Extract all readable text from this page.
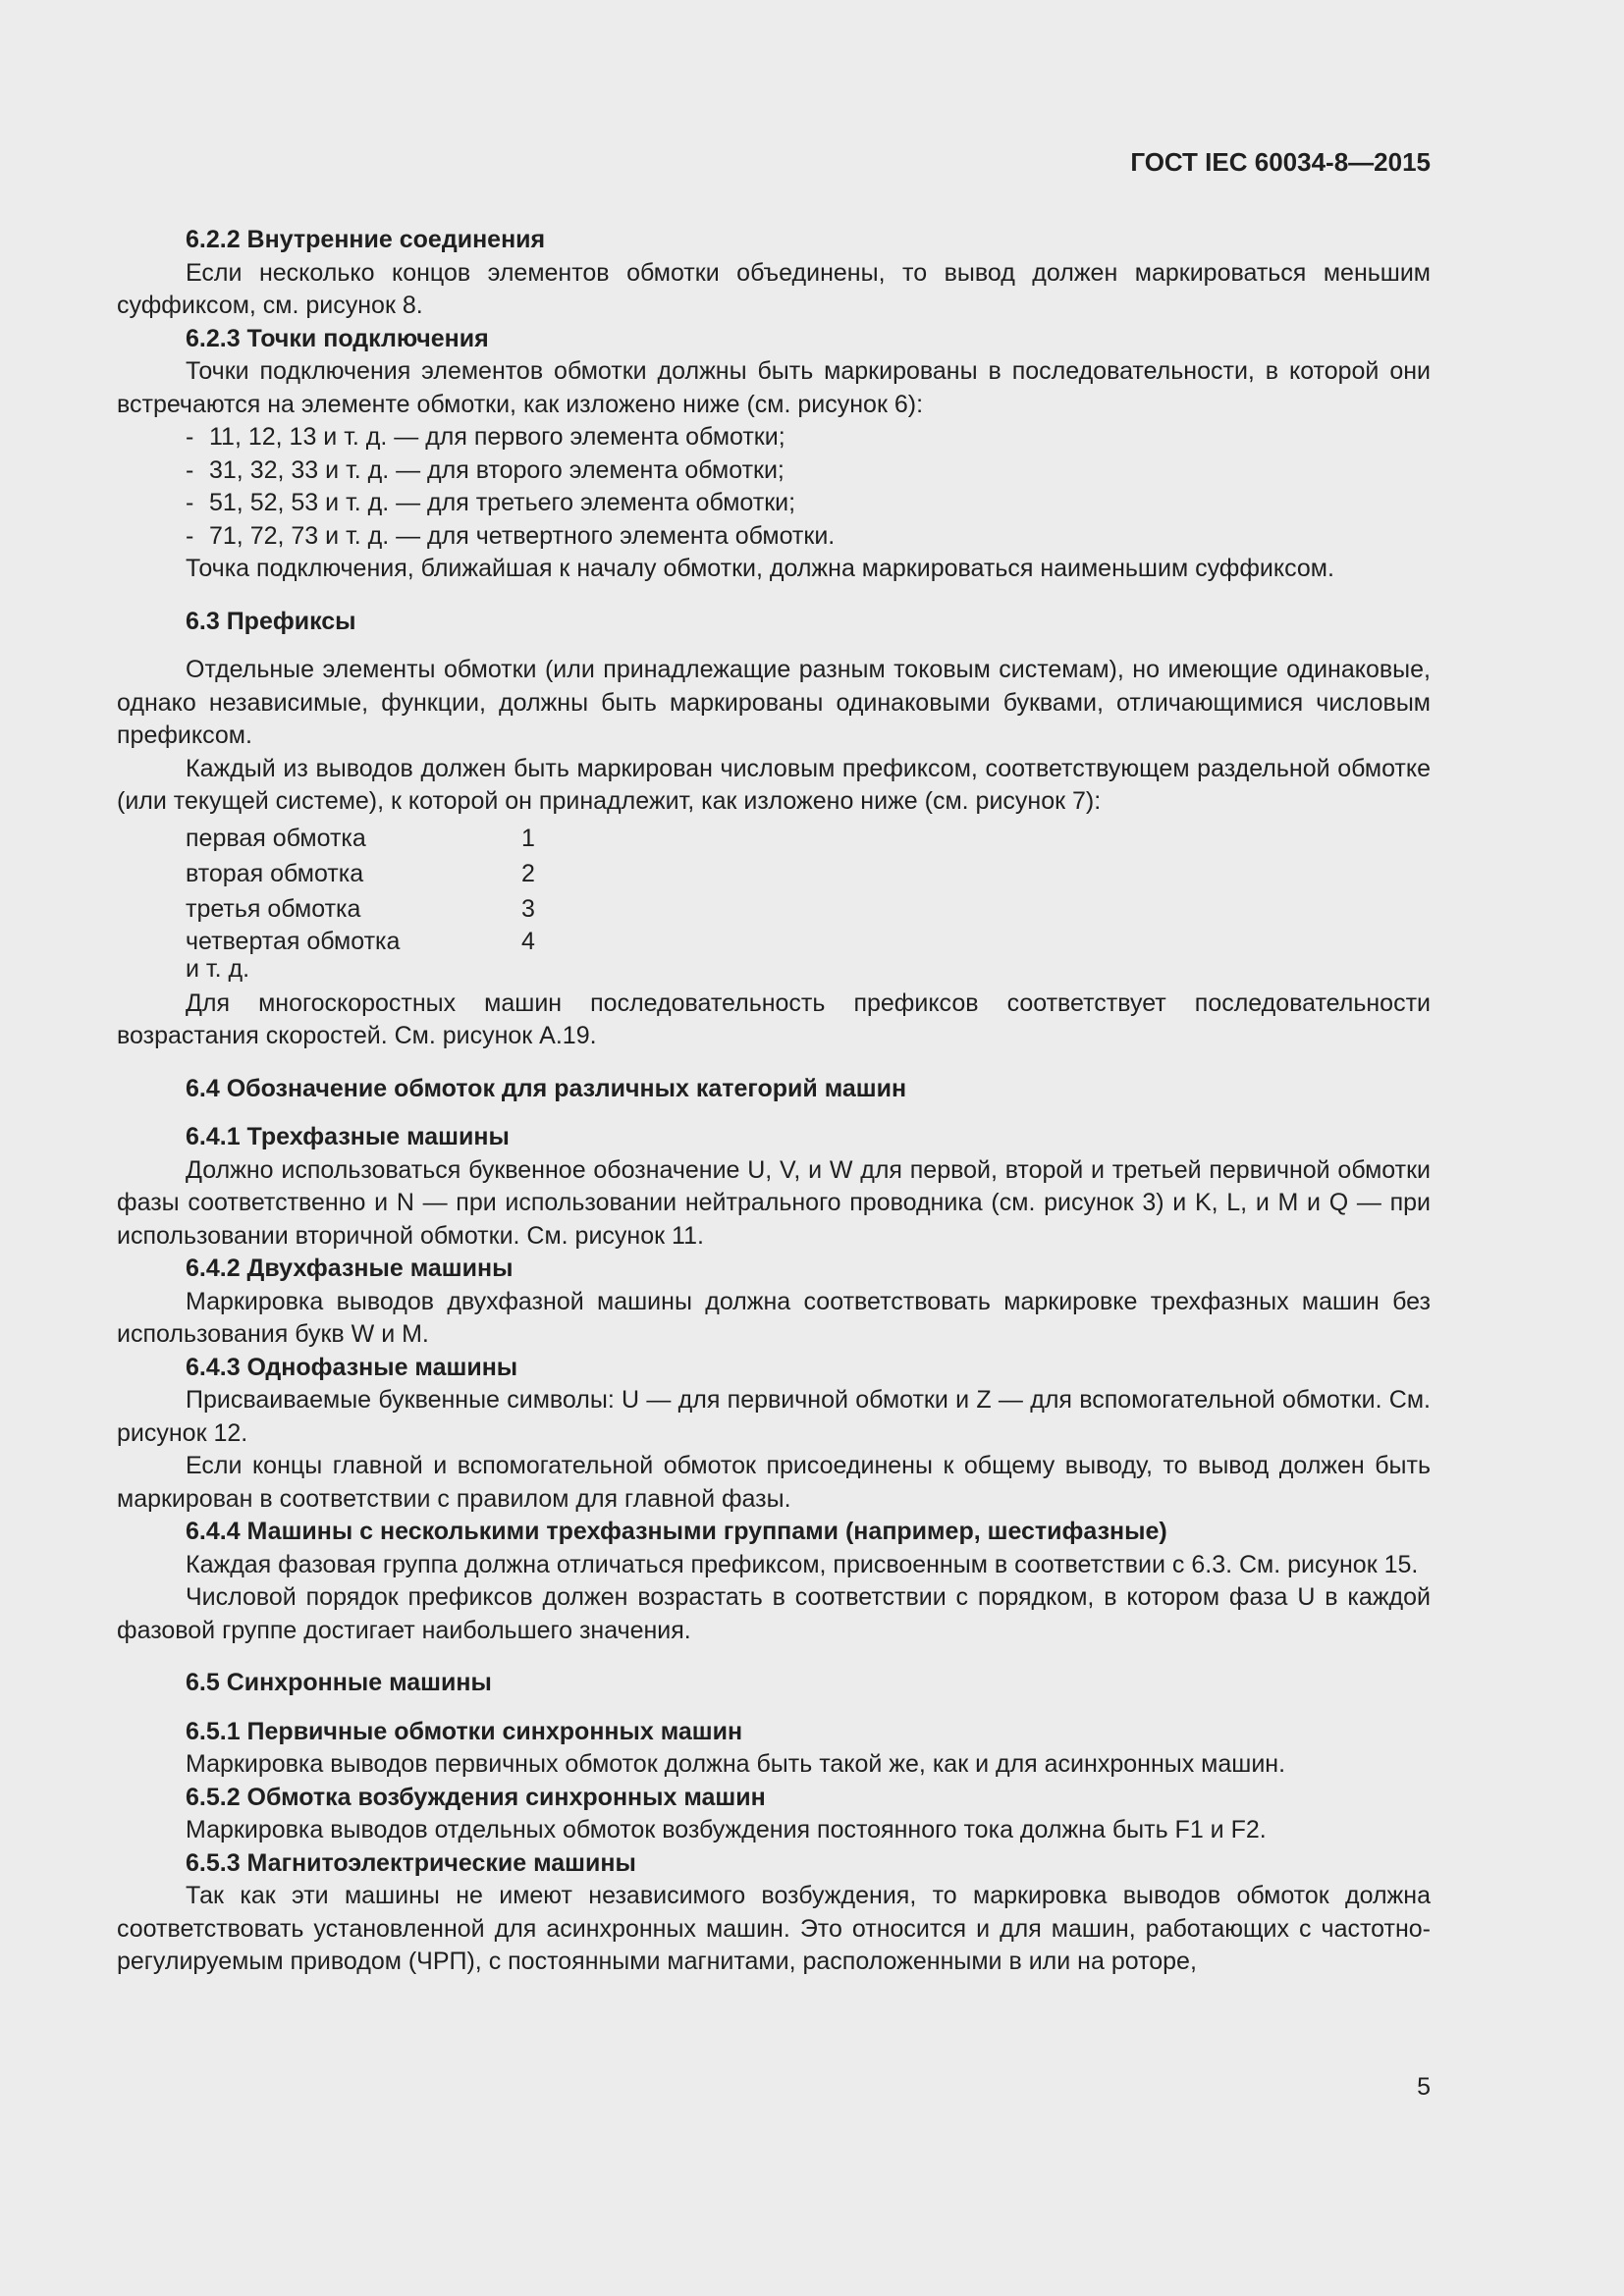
ГОСТ IEC 60034-8—2015

6.2.2 Внутренние соединения

Если несколько концов элементов обмотки объединены, то вывод должен маркироваться меньшим суффиксом, см. рисунок 8.

6.2.3 Точки подключения

Точки подключения элементов обмотки должны быть маркированы в последовательности, в которой они встречаются на элементе обмотки, как изложено ниже (см. рисунок 6):

- 11, 12, 13 и т. д. — для первого элемента обмотки;
- 31, 32, 33 и т. д. — для второго элемента обмотки;
- 51, 52, 53 и т. д. — для третьего элемента обмотки;
- 71, 72, 73 и т. д. — для четвертного элемента обмотки.

Точка подключения, ближайшая к началу обмотки, должна маркироваться наименьшим суффиксом.

6.3 Префиксы

Отдельные элементы обмотки (или принадлежащие разным токовым системам), но имеющие одинаковые, однако независимые, функции, должны быть маркированы одинаковыми буквами, отличающимися числовым префиксом.

Каждый из выводов должен быть маркирован числовым префиксом, соответствующем раздельной обмотке (или текущей системе), к которой он принадлежит, как изложено ниже (см. рисунок 7):

первая обмотка	1
вторая обмотка	2
третья обмотка	3
четвертая обмотка	4
и т. д.

Для многоскоростных машин последовательность префиксов соответствует последовательности возрастания скоростей. См. рисунок А.19.

6.4 Обозначение обмоток для различных категорий машин

6.4.1 Трехфазные машины

Должно использоваться буквенное обозначение U, V, и W для первой, второй и третьей первичной обмотки фазы соответственно и N — при использовании нейтрального проводника (см. рисунок 3) и K, L, и M и Q — при использовании вторичной обмотки. См. рисунок 11.

6.4.2 Двухфазные машины

Маркировка выводов двухфазной машины должна соответствовать маркировке трехфазных машин без использования букв W и M.

6.4.3 Однофазные машины

Присваиваемые буквенные символы: U — для первичной обмотки и Z — для вспомогательной обмотки. См. рисунок 12.

Если концы главной и вспомогательной обмоток присоединены к общему выводу, то вывод должен быть маркирован в соответствии с правилом для главной фазы.

6.4.4 Машины с несколькими трехфазными группами (например, шестифазные)

Каждая фазовая группа должна отличаться префиксом, присвоенным в соответствии с 6.3. См. рисунок 15.

Числовой порядок префиксов должен возрастать в соответствии с порядком, в котором фаза U в каждой фазовой группе достигает наибольшего значения.

6.5 Синхронные машины

6.5.1 Первичные обмотки синхронных машин

Маркировка выводов первичных обмоток должна быть такой же, как и для асинхронных машин.

6.5.2 Обмотка возбуждения синхронных машин

Маркировка выводов отдельных обмоток возбуждения постоянного тока должна быть F1 и F2.

6.5.3 Магнитоэлектрические машины

Так как эти машины не имеют независимого возбуждения, то маркировка выводов обмоток должна соответствовать установленной для асинхронных машин. Это относится и для машин, работающих с частотно-регулируемым приводом (ЧРП), с постоянными магнитами, расположенными в или на роторе,

5
